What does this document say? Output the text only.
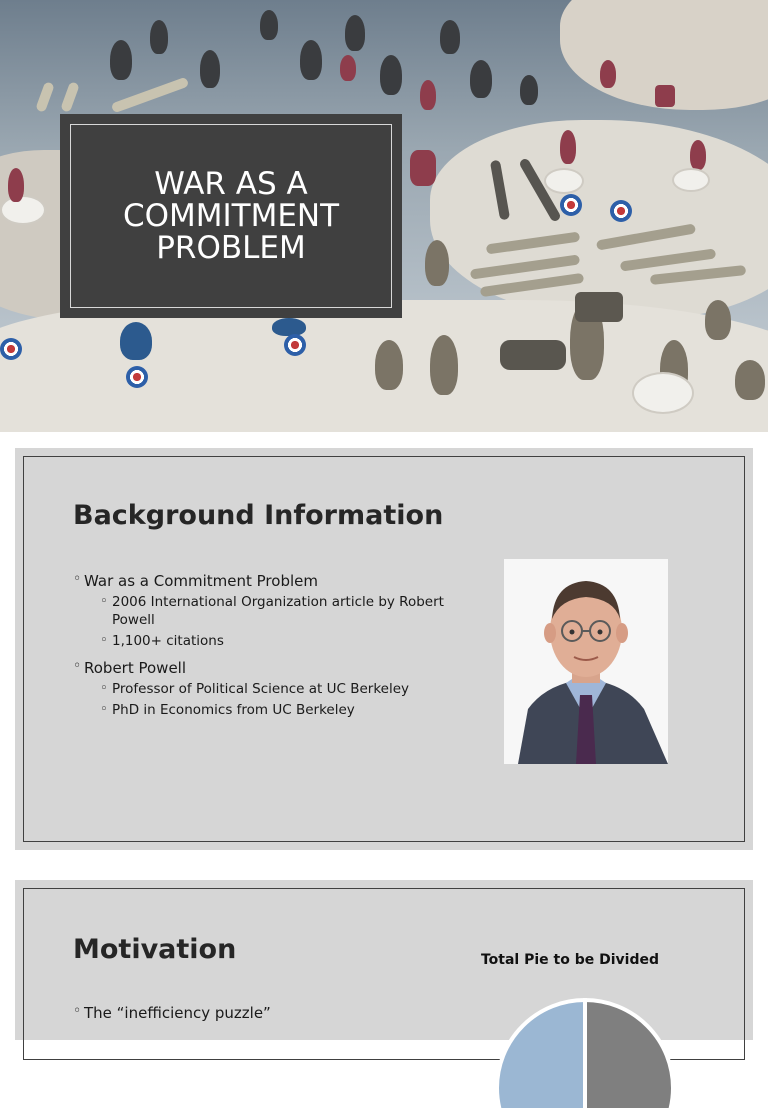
WAR AS A COMMITMENT PROBLEM
Background Information
◦ War as a Commitment Problem
◦ 2006 International Organization article by Robert Powell
◦ 1,100+ citations
◦ Robert Powell
◦ Professor of Political Science at UC Berkeley
◦ PhD in Economics from UC Berkeley
Motivation
◦ The “inefficiency puzzle”
Total Pie to be Divided
